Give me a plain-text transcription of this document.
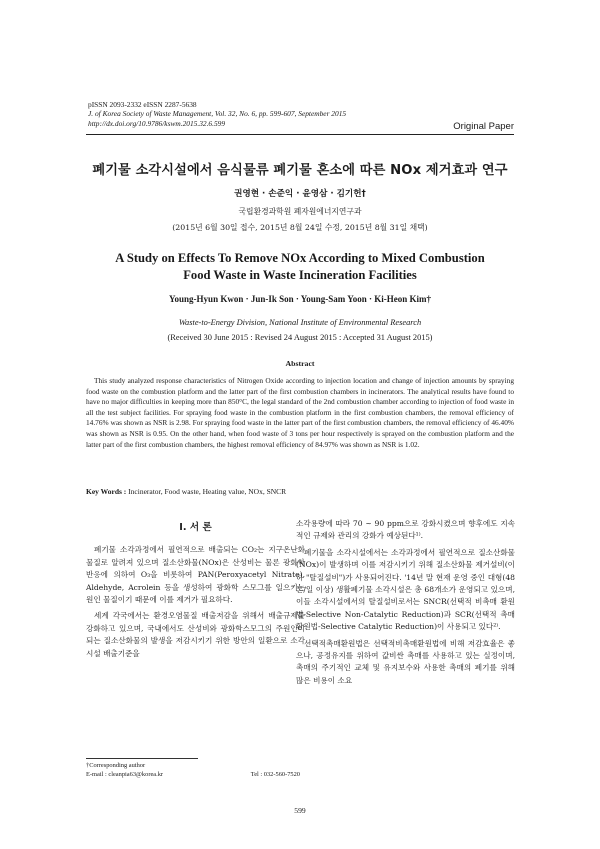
pISSN 2093-2332 eISSN 2287-5638
J. of Korea Society of Waste Management, Vol. 32, No. 6, pp. 599-607, September 2015
http://dx.doi.org/10.9786/kswm.2015.32.6.599	Original Paper
폐기물 소각시설에서 음식물류 폐기물 혼소에 따른 NOx 제거효과 연구
권영현 · 손준익 · 윤영삼 · 김기헌†
국립환경과학원 폐자원에너지연구과
(2015년 6월 30일 접수, 2015년 8월 24일 수정, 2015년 8월 31일 채택)
A Study on Effects To Remove NOx According to Mixed Combustion
Food Waste in Waste Incineration Facilities
Young-Hyun Kwon · Jun-Ik Son · Young-Sam Yoon · Ki-Heon Kim†
Waste-to-Energy Division, National Institute of Environmental Research
(Received 30 June 2015 : Revised 24 August 2015 : Accepted 31 August 2015)
Abstract
This study analyzed response characteristics of Nitrogen Oxide according to injection location and change of injection amounts by spraying food waste on the combustion platform and the latter part of the first combustion chambers in incinerators. The analytical results have found to have no major difficulties in keeping more than 850°C, the legal standard of the 2nd combustion chamber according to injection of food waste in all the test subject facilities. For spraying food waste in the combustion platform in the first combustion chambers, the removal efficiency of 14.76% was shown as NSR is 2.98. For spraying food waste in the latter part of the first combustion chambers, the removal efficiency of 46.40% was shown as NSR is 0.95. On the other hand, when food waste of 3 tons per hour respectively is sprayed on the combustion platform and the latter part of the first combustion chambers, the highest removal efficiency of 84.97% was shown as NSR is 1.02.
Key Words : Incinerator, Food waste, Heating value, NOx, SNCR
I. 서 론

폐기물 소각과정에서 필연적으로 배출되는 CO₂는 지구온난화 물질로 알려져 있으며 질소산화물(NOx)은 산성비는 물론 광화학반응에 의하여 O₃을 비롯하여 PAN(Peroxyacetyl Nitrate), Aldehyde, Acrolein 등을 생성하여 광화학 스모그를 일으키는 원인 물질이기 때문에 이를 제거가 필요하다.

세계 각국에서는 환경오염물질 배출저감을 위해서 배출규제를 강화하고 있으며, 국내에서도 산성비와 광화학스모그의 주원인이 되는 질소산화물의 발생을 저감시키기 위한 방안의 일환으로 소각시설 배출기준을

소각용량에 따라 70 ~ 90 ppm으로 강화시켰으며 향후에도 지속적인 규제와 관리의 강화가 예상된다¹⁾.

폐기물을 소각시설에서는 소각과정에서 필연적으로 질소산화물(NOx)이 발생하며 이를 저감시키기 위해 질소산화물 제거설비(이하 "탈질설비")가 사용되어진다. '14년 말 현재 운영 중인 대형(48톤/일 이상) 생활폐기물 소각시설은 총 68개소가 운영되고 있으며, 이들 소각시설에서의 탈질설비로서는 SNCR(선택적 비촉매 환원법-Selective Non-Catalytic Reduction)과 SCR(선택적 촉매 환원법-Selective Catalytic Reduction)이 사용되고 있다²⁾.

선택적촉매환원법은 선택적비촉매환원법에 비해 저감효율은 좋으나, 공정유지를 위하여 값비싼 촉매를 사용하고 있는 실정이며, 촉매의 주기적인 교체 및 유지보수와 사용한 촉매의 폐기를 위해 많은 비용이 소요

†Corresponding author
E-mail : cleanpia63@korea.kr	Tel : 032-560-7520
599
